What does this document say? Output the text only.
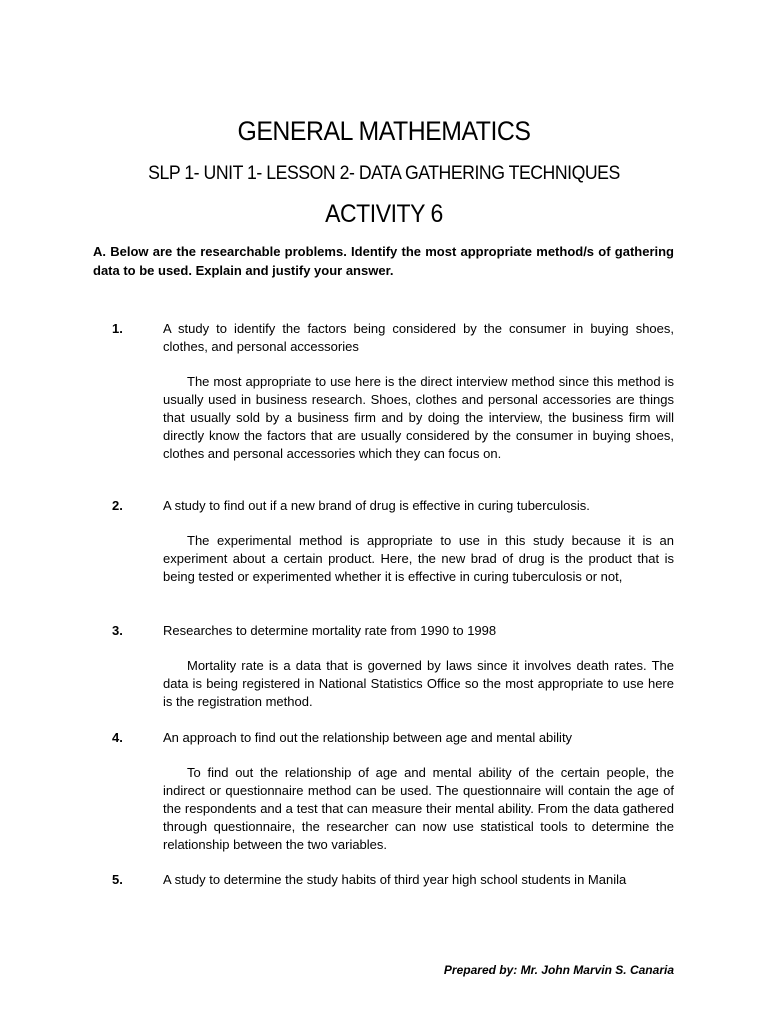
GENERAL MATHEMATICS
SLP 1- UNIT 1- LESSON 2- DATA GATHERING TECHNIQUES
ACTIVITY 6

A. Below are the researchable problems. Identify the most appropriate method/s of gathering data to be used. Explain and justify your answer.

1.	A study to identify the factors being considered by the consumer in buying shoes, clothes, and personal accessories

The most appropriate to use here is the direct interview method since this method is usually used in business research. Shoes, clothes and personal accessories are things that usually sold by a business firm and by doing the interview, the business firm will directly know the factors that are usually considered by the consumer in buying shoes, clothes and personal accessories which they can focus on.

2.	A study to find out if a new brand of drug is effective in curing tuberculosis.

The experimental method is appropriate to use in this study because it is an experiment about a certain product. Here, the new brad of drug is the product that is being tested or experimented whether it is effective in curing tuberculosis or not,

3.	Researches to determine mortality rate from 1990 to 1998

Mortality rate is a data that is governed by laws since it involves death rates. The data is being registered in National Statistics Office so the most appropriate to use here is the registration method.

4.	An approach to find out the relationship between age and mental ability

To find out the relationship of age and mental ability of the certain people, the indirect or questionnaire method can be used. The questionnaire will contain the age of the respondents and a test that can measure their mental ability. From the data gathered through questionnaire, the researcher can now use statistical tools to determine the relationship between the two variables.

5.	A study to determine the study habits of third year high school students in Manila

Prepared by: Mr. John Marvin S. Canaria
